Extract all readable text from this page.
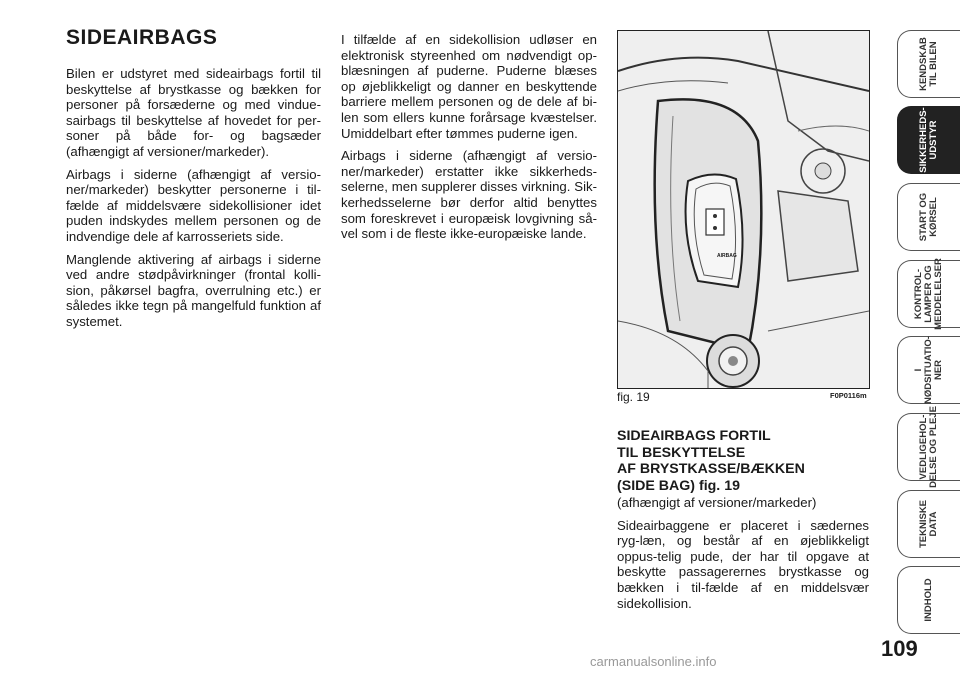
SIDEAIRBAGS

Bilen er udstyret med sideairbags fortil til beskyttelse af brystkasse og bækken for personer på forsæderne og med vindue-sairbags til beskyttelse af hovedet for per-soner på både for- og bagsæder (afhængigt af versioner/markeder).

Airbags i siderne (afhængigt af versio-ner/markeder) beskytter personerne i til-fælde af middelsvære sidekollisioner idet puden indskydes mellem personen og de indvendige dele af karrosseriets side.

Manglende aktivering af airbags i siderne ved andre stødpåvirkninger (frontal kolli-sion, påkørsel bagfra, overrulning etc.) er således ikke tegn på mangelfuld funktion af systemet.

I tilfælde af en sidekollision udløser en elektronisk styreenhed om nødvendigt op-blæsningen af puderne. Puderne blæses op øjeblikkeligt og danner en beskyttende barriere mellem personen og de dele af bi-len som ellers kunne forårsage kvæstelser. Umiddelbart efter tømmes puderne igen.

Airbags i siderne (afhængigt af versio-ner/markeder) erstatter ikke sikkerheds-selerne, men supplerer disses virkning. Sik-kerhedsselerne bør derfor altid benyttes som foreskrevet i europæisk lovgivning så-vel som i de fleste ikke-europæiske lande.

AIRBAG
fig. 19	F0P0116m
SIDEAIRBAGS FORTIL
TIL BESKYTTELSE
AF BRYSTKASSE/BÆKKEN
(SIDE BAG) fig. 19

(afhængigt af versioner/markeder)

Sideairbaggene er placeret i sædernes ryg-læn, og består af en øjeblikkeligt oppus-telig pude, der har til opgave at beskytte passagerernes brystkasse og bækken i til-fælde af en middelsvær sidekollision.

KENDSKAB
TIL BILEN
SIKKERHEDS-
UDSTYR
START OG
KØRSEL
KONTROL-
LAMPER OG
MEDDELELSER
I
NØDSITUATIO-
NER
VEDLIGEHOL-
DELSE OG PLEJE
TEKNISKE
DATA
INDHOLD
109
carmanualsonline.info
